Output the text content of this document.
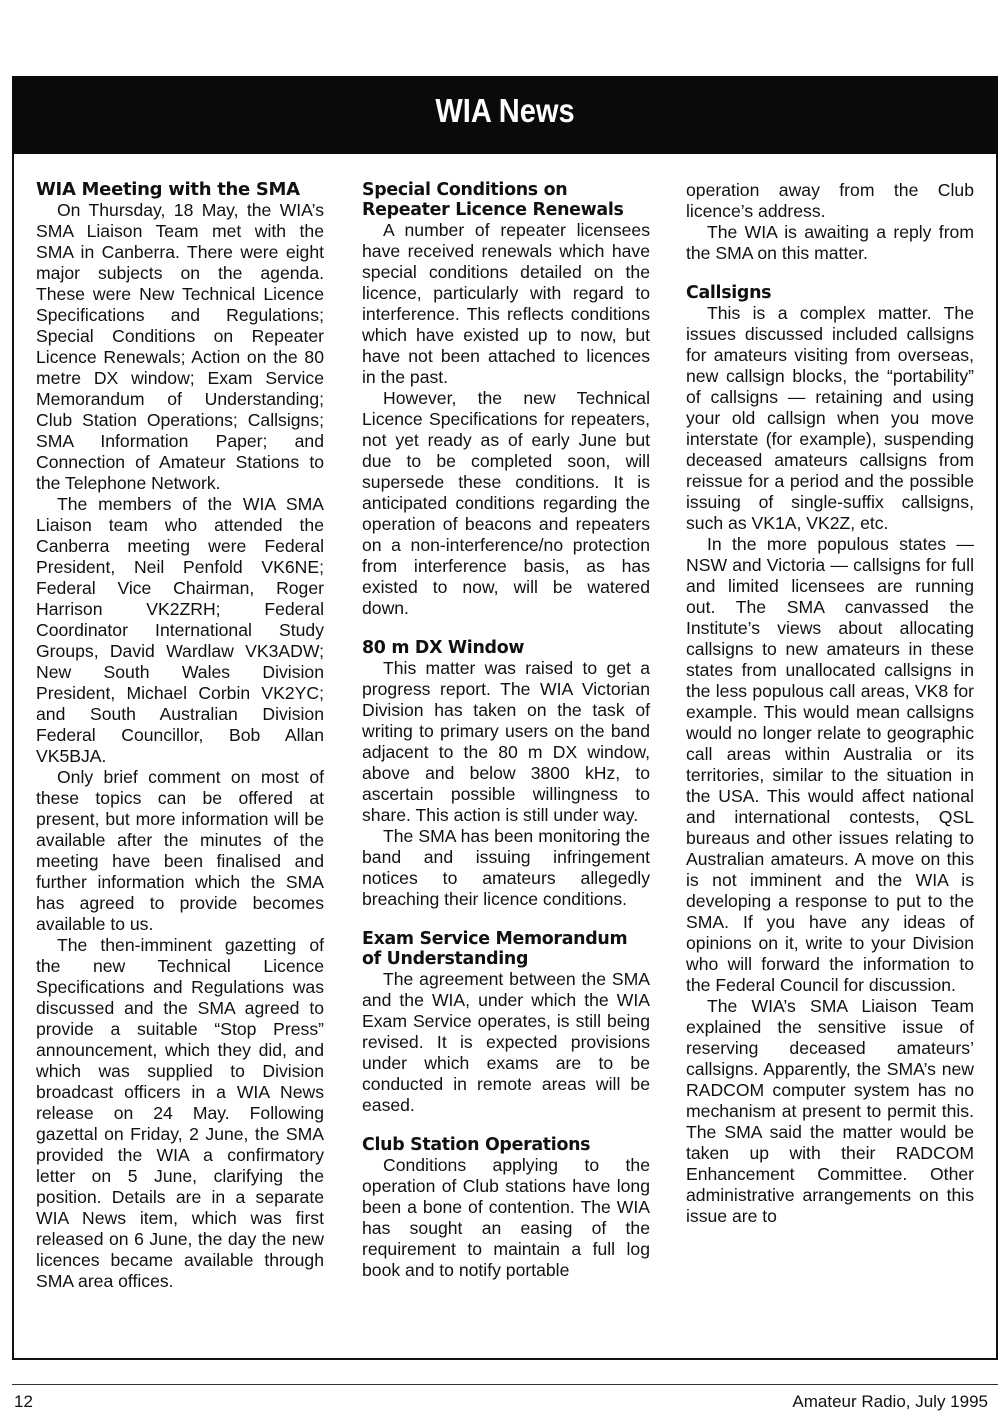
WIA News
WIA Meeting with the SMA

On Thursday, 18 May, the WIA’s SMA Liaison Team met with the SMA in Canberra. There were eight major subjects on the agenda. These were New Technical Licence Specifications and Regulations; Special Conditions on Repeater Licence Renewals; Action on the 80 metre DX window; Exam Service Memorandum of Understanding; Club Station Operations; Callsigns; SMA Information Paper; and Connection of Amateur Stations to the Telephone Network.

The members of the WIA SMA Liaison team who attended the Canberra meeting were Federal President, Neil Penfold VK6NE; Federal Vice Chairman, Roger Harrison VK2ZRH; Federal Coordinator International Study Groups, David Wardlaw VK3ADW; New South Wales Division President, Michael Corbin VK2YC; and South Australian Division Federal Councillor, Bob Allan VK5BJA.

Only brief comment on most of these topics can be offered at present, but more information will be available after the minutes of the meeting have been finalised and further information which the SMA has agreed to provide becomes available to us.

The then-imminent gazetting of the new Technical Licence Specifications and Regulations was discussed and the SMA agreed to provide a suitable “Stop Press” announcement, which they did, and which was supplied to Division broadcast officers in a WIA News release on 24 May. Following gazettal on Friday, 2 June, the SMA provided the WIA a confirmatory letter on 5 June, clarifying the position. Details are in a separate WIA News item, which was first released on 6 June, the day the new licences became available through SMA area offices.

Special Conditions on Repeater Licence Renewals

A number of repeater licensees have received renewals which have special conditions detailed on the licence, particularly with regard to interference. This reflects conditions which have existed up to now, but have not been attached to licences in the past.

However, the new Technical Licence Specifications for repeaters, not yet ready as of early June but due to be completed soon, will supersede these conditions. It is anticipated conditions regarding the operation of beacons and repeaters on a non-interference/no protection from interference basis, as has existed to now, will be watered down.

80 m DX Window

This matter was raised to get a progress report. The WIA Victorian Division has taken on the task of writing to primary users on the band adjacent to the 80 m DX window, above and below 3800 kHz, to ascertain possible willingness to share. This action is still under way.

The SMA has been monitoring the band and issuing infringement notices to amateurs allegedly breaching their licence conditions.

Exam Service Memorandum of Understanding

The agreement between the SMA and the WIA, under which the WIA Exam Service operates, is still being revised. It is expected provisions under which exams are to be conducted in remote areas will be eased.

Club Station Operations

Conditions applying to the operation of Club stations have long been a bone of contention. The WIA has sought an easing of the requirement to maintain a full log book and to notify portable

operation away from the Club licence’s address.

The WIA is awaiting a reply from the SMA on this matter.

Callsigns

This is a complex matter. The issues discussed included callsigns for amateurs visiting from overseas, new callsign blocks, the “portability” of callsigns — retaining and using your old callsign when you move interstate (for example), suspending deceased amateurs callsigns from reissue for a period and the possible issuing of single-suffix callsigns, such as VK1A, VK2Z, etc.

In the more populous states — NSW and Victoria — callsigns for full and limited licensees are running out. The SMA canvassed the Institute’s views about allocating callsigns to new amateurs in these states from unallocated callsigns in the less populous call areas, VK8 for example. This would mean callsigns would no longer relate to geographic call areas within Australia or its territories, similar to the situation in the USA. This would affect national and international contests, QSL bureaus and other issues relating to Australian amateurs. A move on this is not imminent and the WIA is developing a response to put to the SMA. If you have any ideas of opinions on it, write to your Division who will forward the information to the Federal Council for discussion.

The WIA’s SMA Liaison Team explained the sensitive issue of reserving deceased amateurs’ callsigns. Apparently, the SMA’s new RADCOM computer system has no mechanism at present to permit this. The SMA said the matter would be taken up with their RADCOM Enhancement Committee. Other administrative arrangements on this issue are to

12	Amateur Radio, July 1995
